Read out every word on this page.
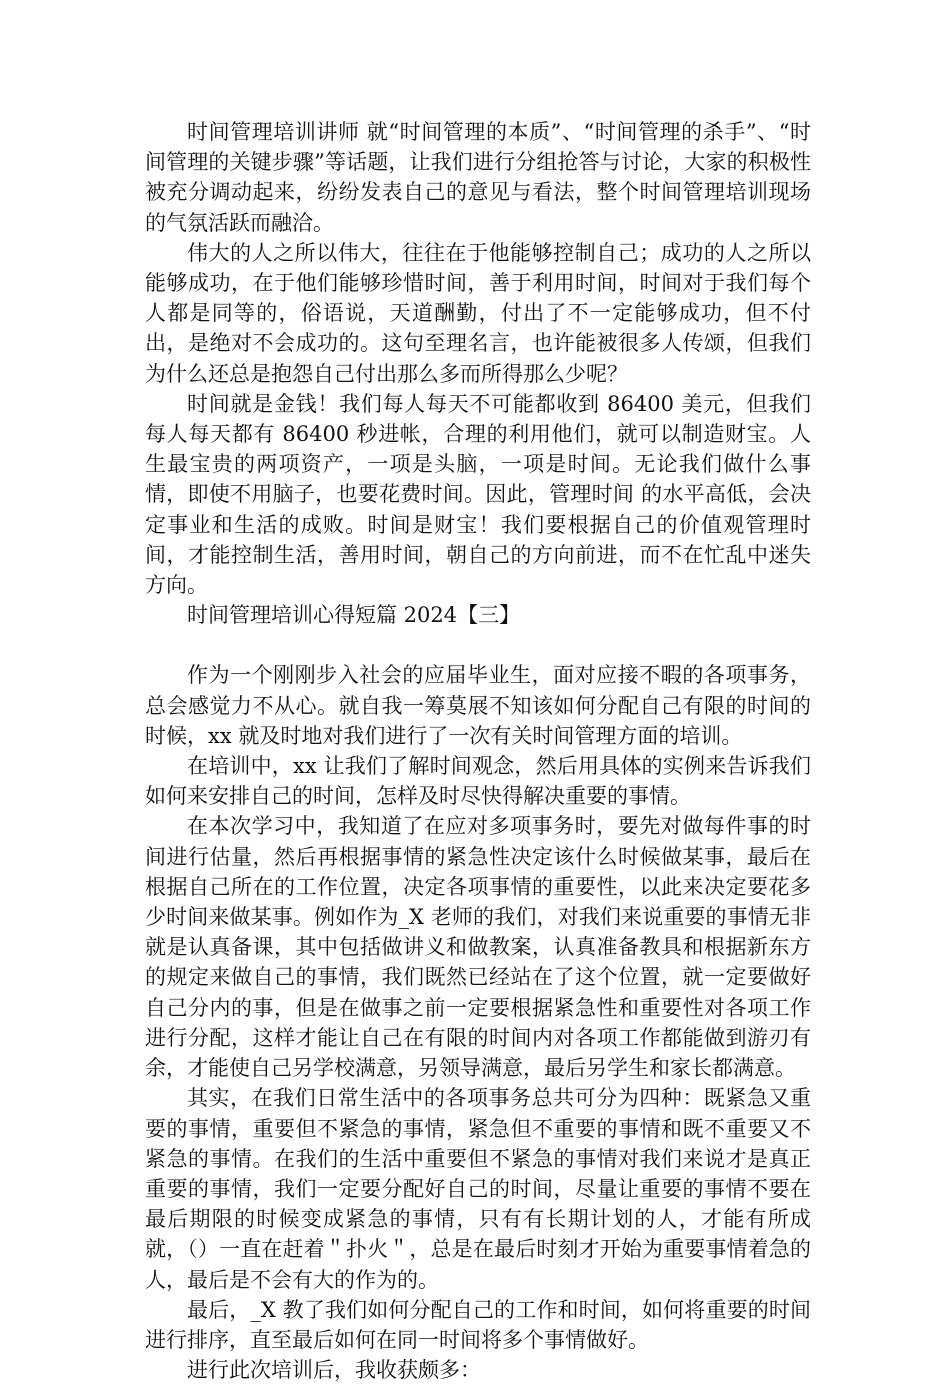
时间管理培训讲师 就“时间管理的本质”、“时间管理的杀手”、“时间管理的关键步骤”等话题，让我们进行分组抢答与讨论，大家的积极性被充分调动起来，纷纷发表自己的意见与看法，整个时间管理培训现场的气氛活跃而融洽。

伟大的人之所以伟大，往往在于他能够控制自己；成功的人之所以能够成功，在于他们能够珍惜时间，善于利用时间，时间对于我们每个人都是同等的，俗语说，天道酬勤，付出了不一定能够成功，但不付出，是绝对不会成功的。这句至理名言，也许能被很多人传颂，但我们为什么还总是抱怨自己付出那么多而所得那么少呢？

时间就是金钱！我们每人每天不可能都收到 86400 美元，但我们每人每天都有 86400 秒进帐，合理的利用他们，就可以制造财宝。人生最宝贵的两项资产，一项是头脑，一项是时间。无论我们做什么事情，即使不用脑子，也要花费时间。因此，管理时间 的水平高低，会决定事业和生活的成败。时间是财宝！我们要根据自己的价值观管理时间，才能控制生活，善用时间，朝自己的方向前进，而不在忙乱中迷失方向。

时间管理培训心得短篇 2024【三】

作为一个刚刚步入社会的应届毕业生，面对应接不暇的各项事务，总会感觉力不从心。就自我一筹莫展不知该如何分配自己有限的时间的时候，xx 就及时地对我们进行了一次有关时间管理方面的培训。

在培训中，xx 让我们了解时间观念，然后用具体的实例来告诉我们如何来安排自己的时间，怎样及时尽快得解决重要的事情。

在本次学习中，我知道了在应对多项事务时，要先对做每件事的时间进行估量，然后再根据事情的紧急性决定该什么时候做某事，最后在根据自己所在的工作位置，决定各项事情的重要性，以此来决定要花多少时间来做某事。例如作为_X 老师的我们，对我们来说重要的事情无非就是认真备课，其中包括做讲义和做教案，认真准备教具和根据新东方的规定来做自己的事情，我们既然已经站在了这个位置，就一定要做好自己分内的事，但是在做事之前一定要根据紧急性和重要性对各项工作进行分配，这样才能让自己在有限的时间内对各项工作都能做到游刃有余，才能使自己另学校满意，另领导满意，最后另学生和家长都满意。

其实，在我们日常生活中的各项事务总共可分为四种：既紧急又重要的事情，重要但不紧急的事情，紧急但不重要的事情和既不重要又不紧急的事情。在我们的生活中重要但不紧急的事情对我们来说才是真正重要的事情，我们一定要分配好自己的时间，尽量让重要的事情不要在最后期限的时候变成紧急的事情，只有有长期计划的人，才能有所成就，（）一直在赶着＂扑火＂，总是在最后时刻才开始为重要事情着急的人，最后是不会有大的作为的。

最后，_X 教了我们如何分配自己的工作和时间，如何将重要的时间进行排序，直至最后如何在同一时间将多个事情做好。

进行此次培训后，我收获颇多：
